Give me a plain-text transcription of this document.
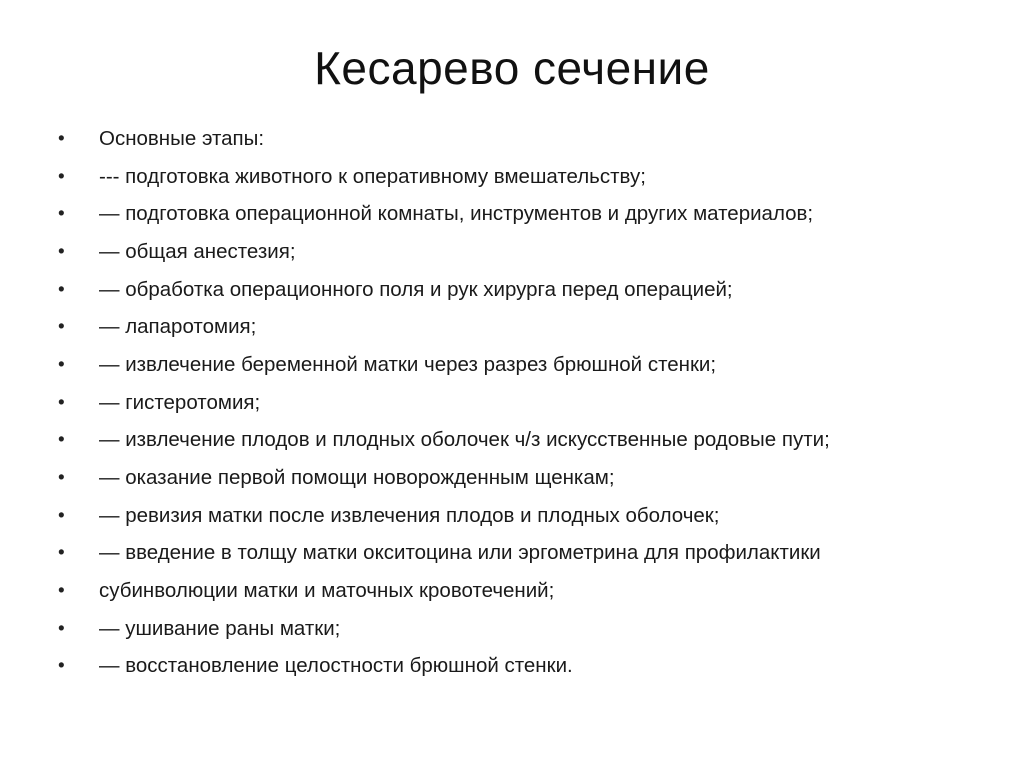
Кесарево сечение
•	Основные этапы:
•	--- подготовка животного к оперативному вмешательству;
•	— подготовка операционной комнаты, инструментов и других материалов;
•	— общая анестезия;
•	— обработка операционного поля и рук хирурга перед операцией;
•	— лапаротомия;
•	— извлечение беременной матки через разрез брюшной стенки;
•	— гистеротомия;
•	— извлечение плодов и плодных оболочек ч/з искусственные родовые пути;
•	— оказание первой помощи новорожденным щенкам;
•	— ревизия матки после извлечения плодов и плодных оболочек;
•	— введение в толщу матки окситоцина или эргометрина для профилактики
•	субинволюции матки и маточных кровотечений;
•	— ушивание раны матки;
•	— восстановление целостности брюшной стенки.
